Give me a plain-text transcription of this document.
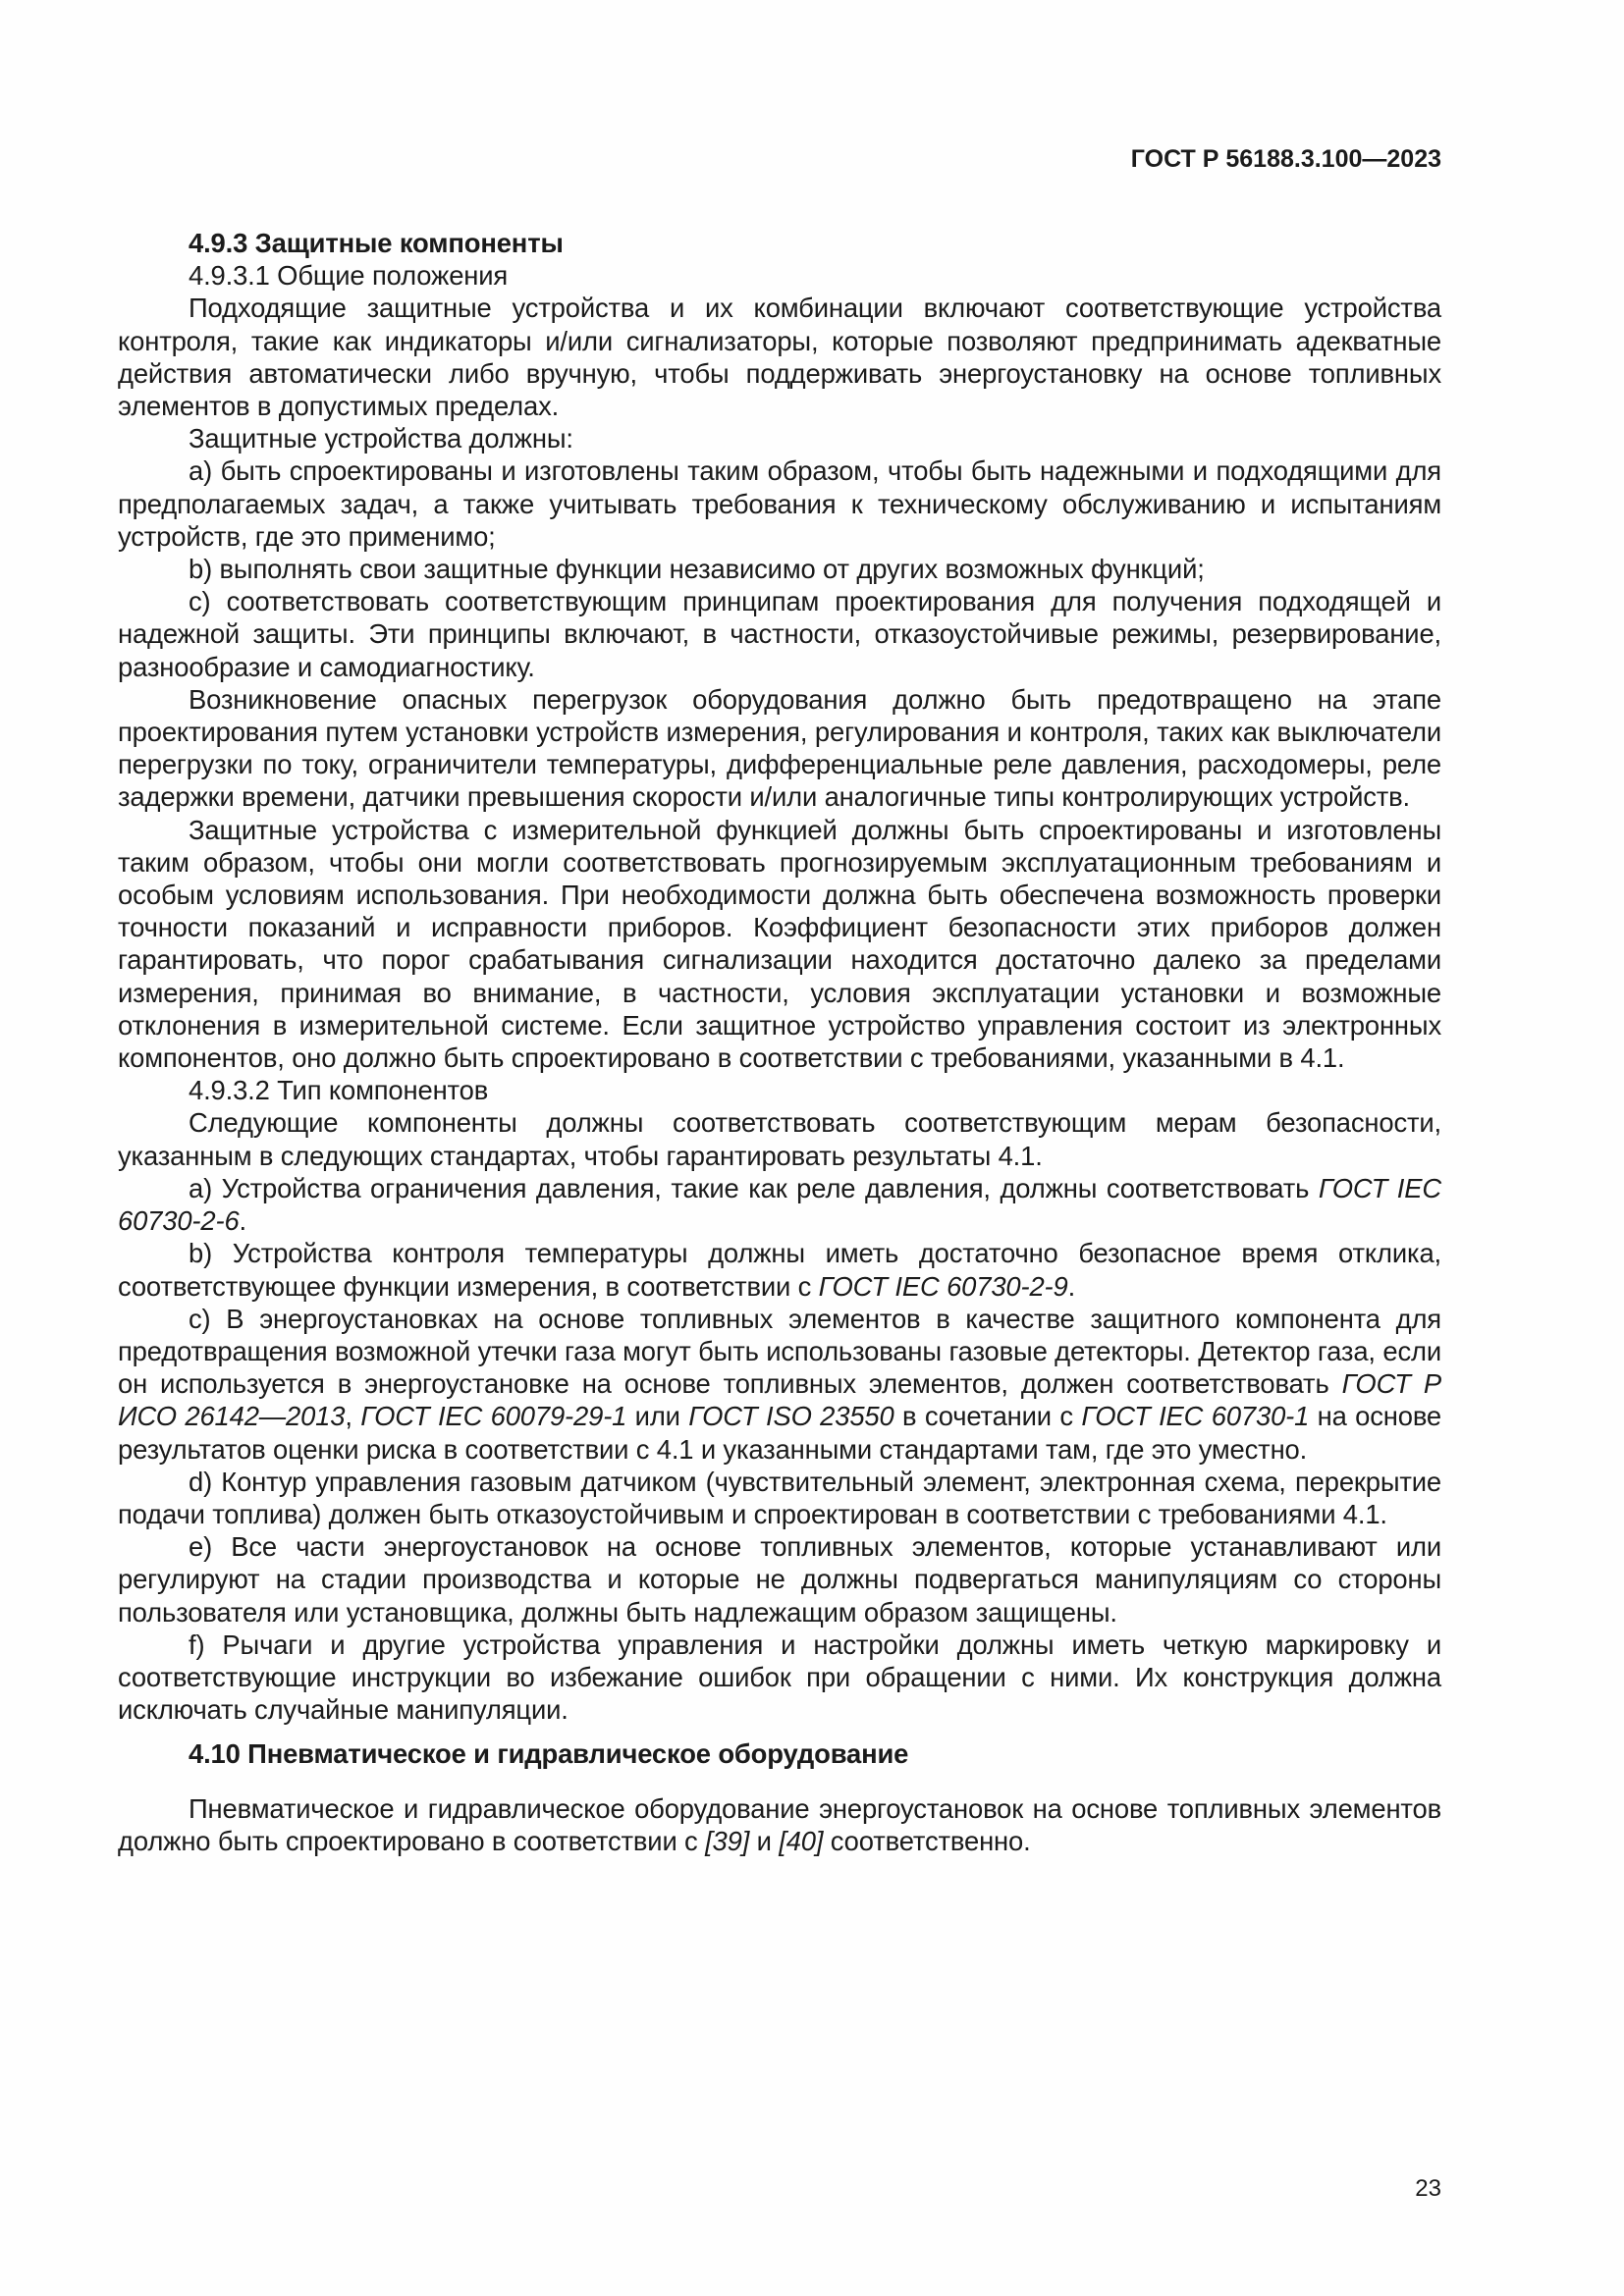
ГОСТ Р 56188.3.100—2023

4.9.3 Защитные компоненты

4.9.3.1 Общие положения

Подходящие защитные устройства и их комбинации включают соответствующие устройства контроля, такие как индикаторы и/или сигнализаторы, которые позволяют предпринимать адекватные действия автоматически либо вручную, чтобы поддерживать энергоустановку на основе топливных элементов в допустимых пределах.

Защитные устройства должны:

а) быть спроектированы и изготовлены таким образом, чтобы быть надежными и подходящими для предполагаемых задач, а также учитывать требования к техническому обслуживанию и испытаниям устройств, где это применимо;

b) выполнять свои защитные функции независимо от других возможных функций;

с) соответствовать соответствующим принципам проектирования для получения подходящей и надежной защиты. Эти принципы включают, в частности, отказоустойчивые режимы, резервирование, разнообразие и самодиагностику.

Возникновение опасных перегрузок оборудования должно быть предотвращено на этапе проектирования путем установки устройств измерения, регулирования и контроля, таких как выключатели перегрузки по току, ограничители температуры, дифференциальные реле давления, расходомеры, реле задержки времени, датчики превышения скорости и/или аналогичные типы контролирующих устройств.

Защитные устройства с измерительной функцией должны быть спроектированы и изготовлены таким образом, чтобы они могли соответствовать прогнозируемым эксплуатационным требованиям и особым условиям использования. При необходимости должна быть обеспечена возможность проверки точности показаний и исправности приборов. Коэффициент безопасности этих приборов должен гарантировать, что порог срабатывания сигнализации находится достаточно далеко за пределами измерения, принимая во внимание, в частности, условия эксплуатации установки и возможные отклонения в измерительной системе. Если защитное устройство управления состоит из электронных компонентов, оно должно быть спроектировано в соответствии с требованиями, указанными в 4.1.

4.9.3.2 Тип компонентов

Следующие компоненты должны соответствовать соответствующим мерам безопасности, указанным в следующих стандартах, чтобы гарантировать результаты 4.1.

а) Устройства ограничения давления, такие как реле давления, должны соответствовать ГОСТ IEC 60730-2-6.

b) Устройства контроля температуры должны иметь достаточно безопасное время отклика, соответствующее функции измерения, в соответствии с ГОСТ IEC 60730-2-9.

с) В энергоустановках на основе топливных элементов в качестве защитного компонента для предотвращения возможной утечки газа могут быть использованы газовые детекторы. Детектор газа, если он используется в энергоустановке на основе топливных элементов, должен соответствовать ГОСТ Р ИСО 26142—2013, ГОСТ IEC 60079-29-1 или ГОСТ ISO 23550 в сочетании с ГОСТ IEC 60730-1 на основе результатов оценки риска в соответствии с 4.1 и указанными стандартами там, где это уместно.

d) Контур управления газовым датчиком (чувствительный элемент, электронная схема, перекрытие подачи топлива) должен быть отказоустойчивым и спроектирован в соответствии с требованиями 4.1.

е) Все части энергоустановок на основе топливных элементов, которые устанавливают или регулируют на стадии производства и которые не должны подвергаться манипуляциям со стороны пользователя или установщика, должны быть надлежащим образом защищены.

f) Рычаги и другие устройства управления и настройки должны иметь четкую маркировку и соответствующие инструкции во избежание ошибок при обращении с ними. Их конструкция должна исключать случайные манипуляции.

4.10 Пневматическое и гидравлическое оборудование

Пневматическое и гидравлическое оборудование энергоустановок на основе топливных элементов должно быть спроектировано в соответствии с [39] и [40] соответственно.

23
